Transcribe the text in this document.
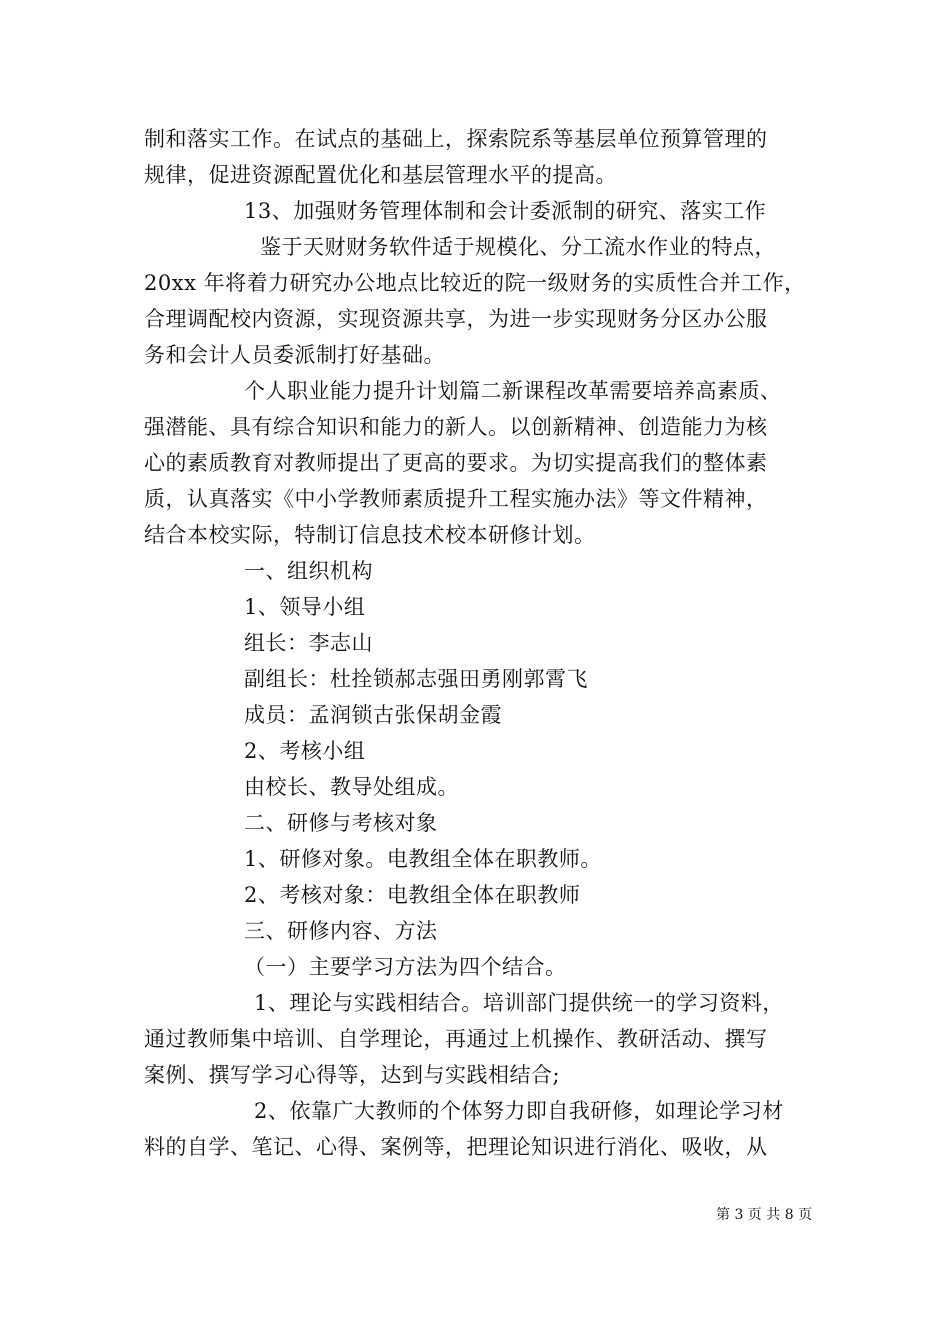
制和落实工作。在试点的基础上，探索院系等基层单位预算管理的
规律，促进资源配置优化和基层管理水平的提高。
13、加强财务管理体制和会计委派制的研究、落实工作
鉴于天财财务软件适于规模化、分工流水作业的特点，
20xx 年将着力研究办公地点比较近的院一级财务的实质性合并工作，
合理调配校内资源，实现资源共享，为进一步实现财务分区办公服
务和会计人员委派制打好基础。
个人职业能力提升计划篇二新课程改革需要培养高素质、
强潜能、具有综合知识和能力的新人。以创新精神、创造能力为核
心的素质教育对教师提出了更高的要求。为切实提高我们的整体素
质，认真落实《中小学教师素质提升工程实施办法》等文件精神，
结合本校实际，特制订信息技术校本研修计划。
一、组织机构
1、领导小组
组长：李志山
副组长：杜拴锁郝志强田勇刚郭霄飞
成员：孟润锁古张保胡金霞
2、考核小组
由校长、教导处组成。
二、研修与考核对象
1、研修对象。电教组全体在职教师。
2、考核对象：电教组全体在职教师
三、研修内容、方法
（一）主要学习方法为四个结合。
1、理论与实践相结合。培训部门提供统一的学习资料，
通过教师集中培训、自学理论，再通过上机操作、教研活动、撰写
案例、撰写学习心得等，达到与实践相结合;
2、依靠广大教师的个体努力即自我研修，如理论学习材
料的自学、笔记、心得、案例等，把理论知识进行消化、吸收，从
第 3 页 共 8 页
